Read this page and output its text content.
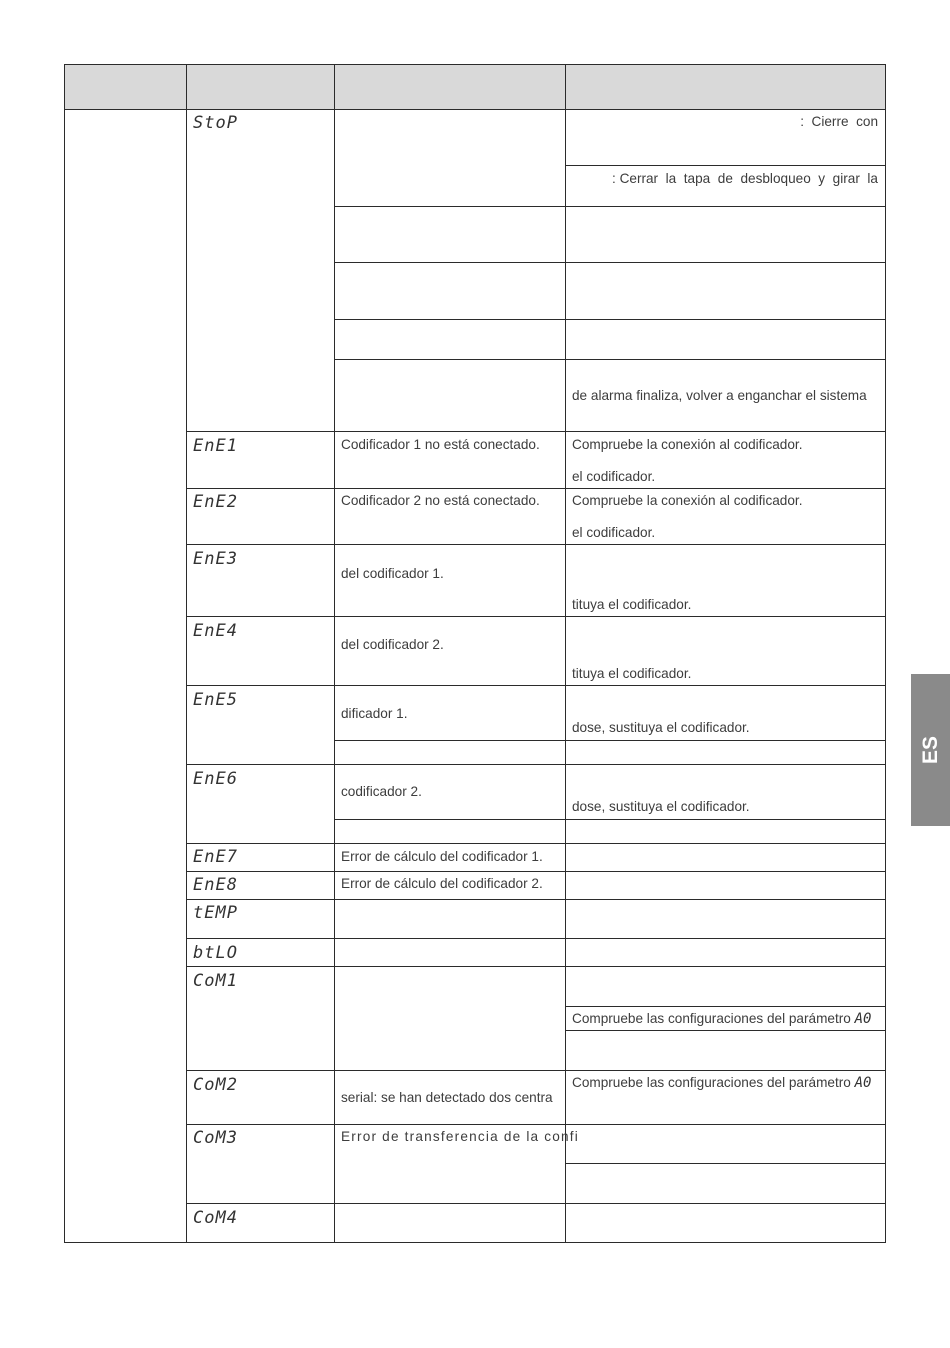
StoP
EnE1
EnE2
EnE3
EnE4
EnE5
EnE6
EnE7
EnE8
tEMP
btLO
CoM1
CoM2
CoM3
CoM4
:  Cierre  con
: Cerrar  la  tapa  de  desbloqueo  y  girar  la
de alarma finaliza, volver a enganchar el sistema
Codificador 1 no está conectado. Compruebe la conexión al codificador.
el codificador.
Codificador 2 no está conectado. Compruebe la conexión al codificador.
el codificador.
del codificador 1.
tituya el codificador.
del codificador 2.
tituya el codificador.
dificador 1.
dose, sustituya el codificador.
codificador 2.
dose, sustituya el codificador.
Error de cálculo del codificador 1.
Error de cálculo del codificador 2.
Compruebe las configuraciones del parámetro A0
serial: se han detectado dos centra
Compruebe las configuraciones del parámetro A0
Error de transferencia de la confi
ES
